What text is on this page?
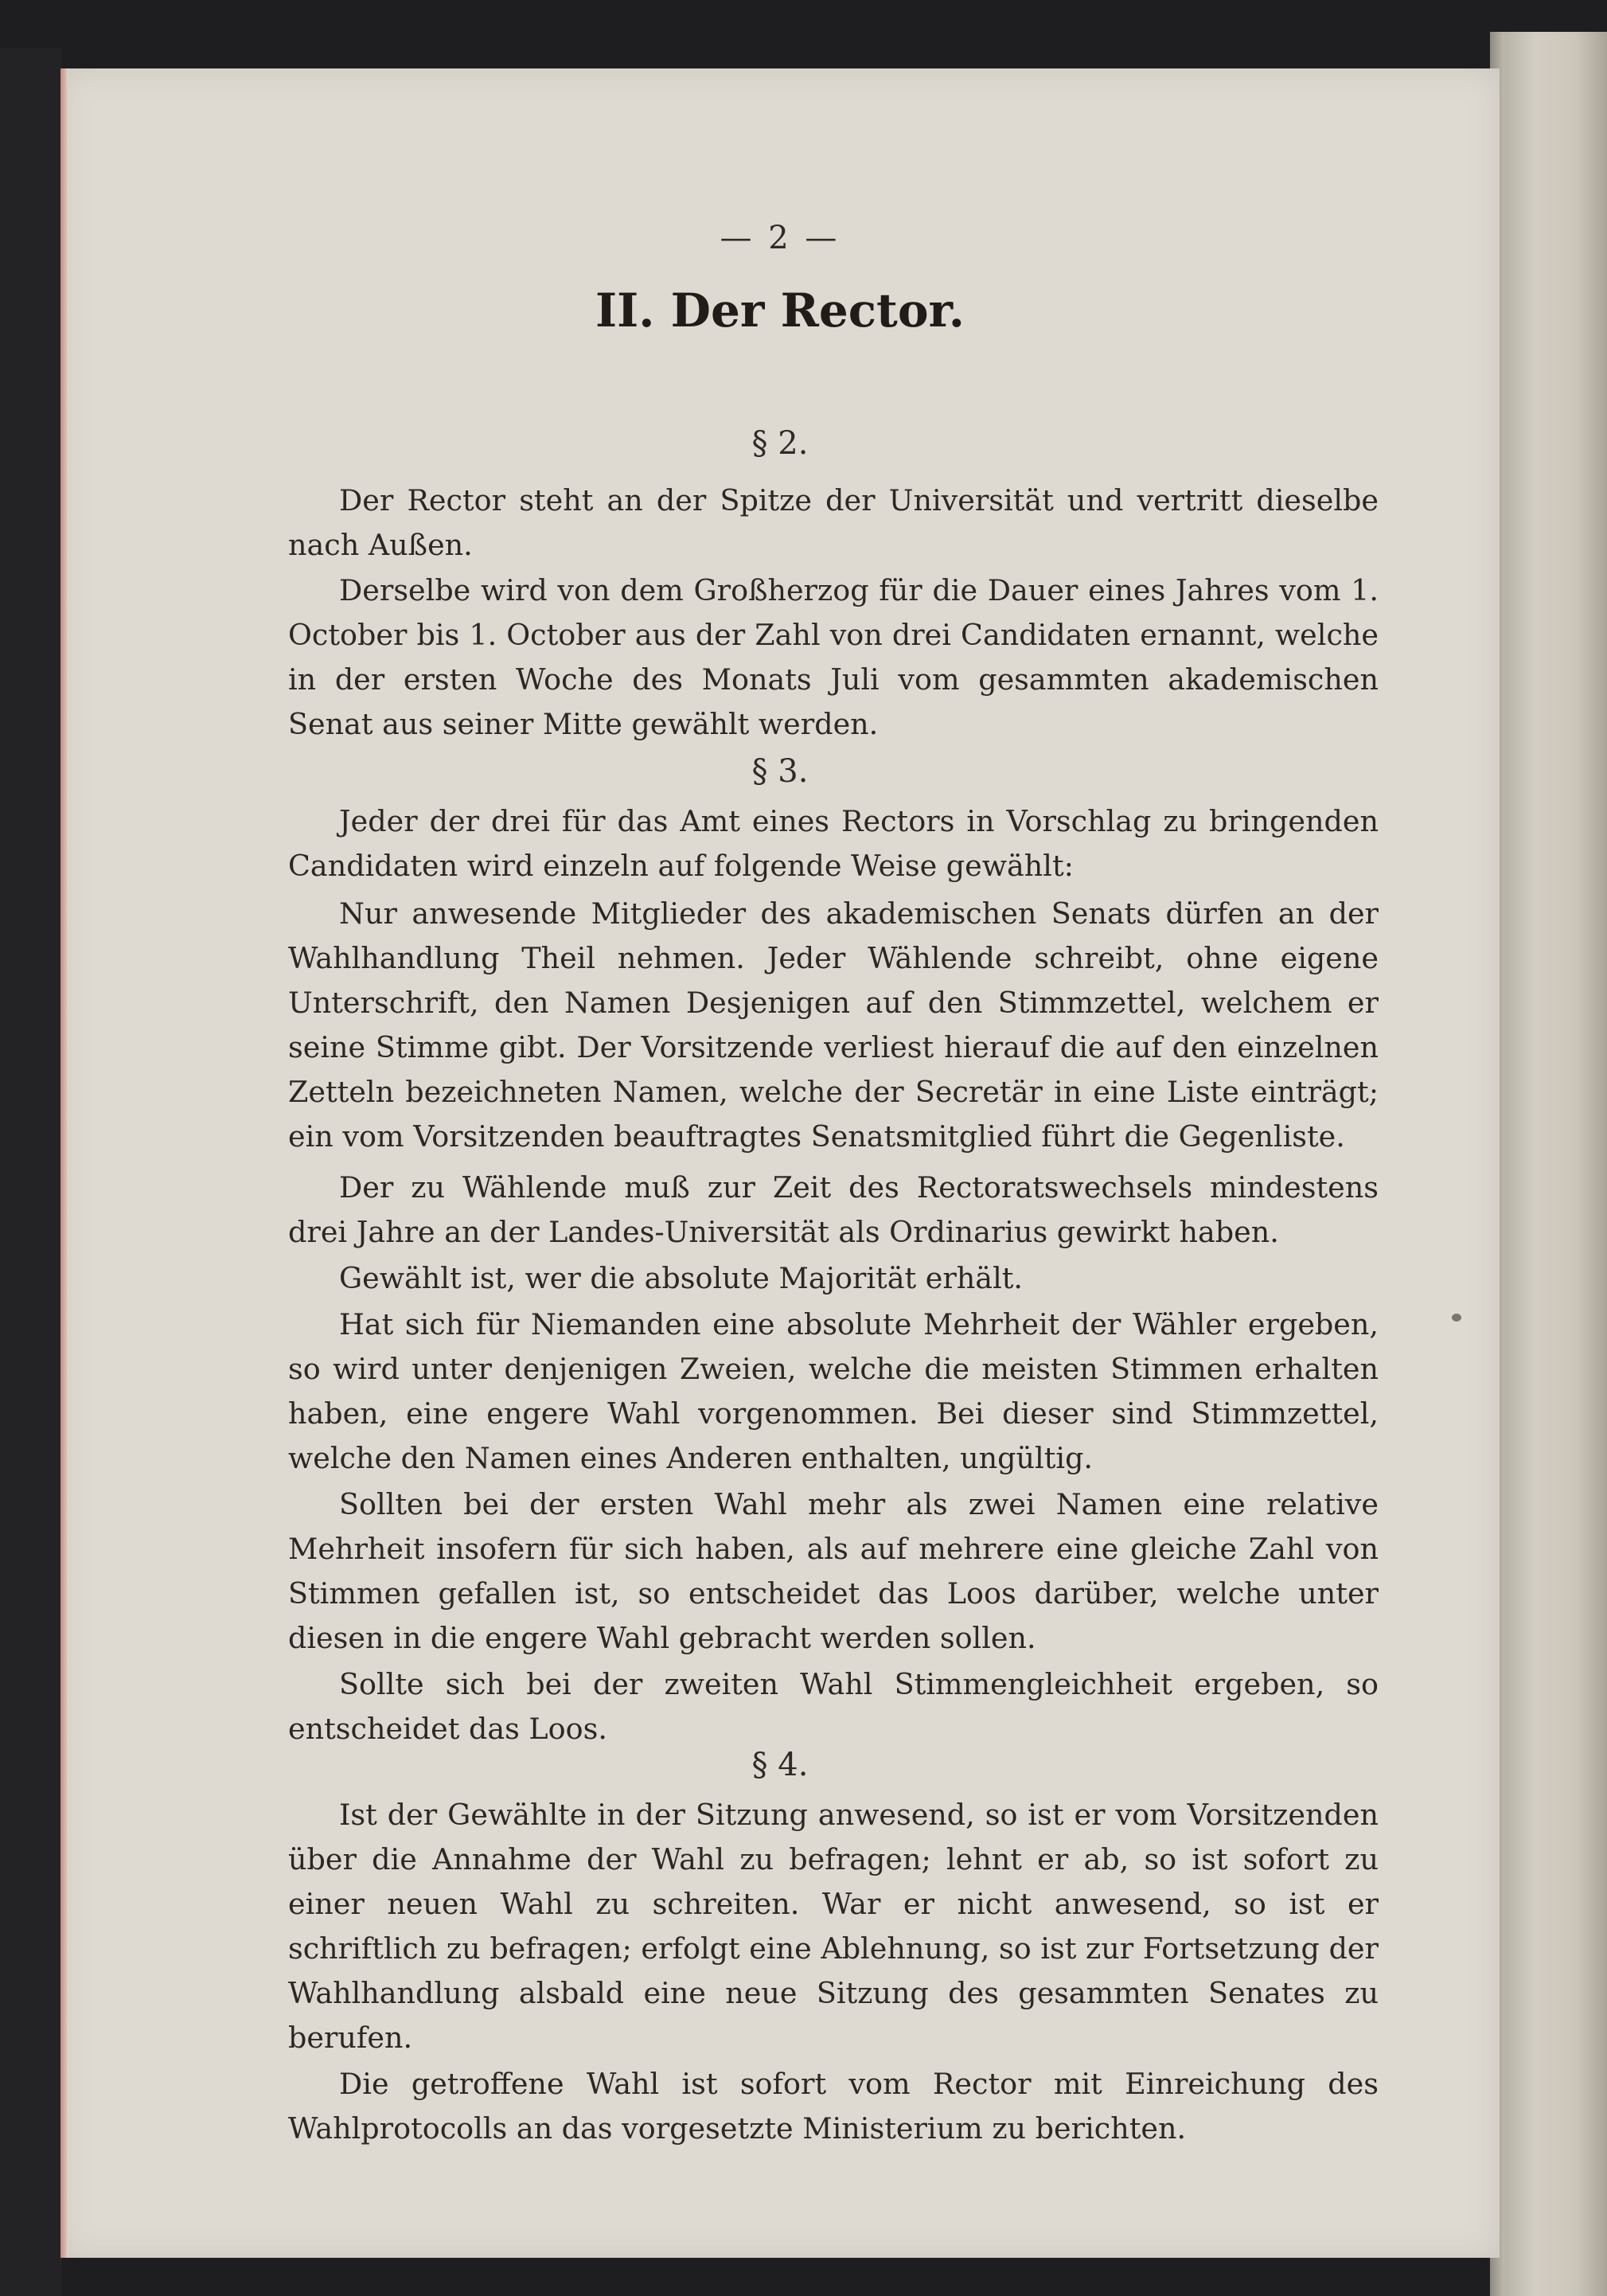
— 2 —
II. Der Rector.
§ 2.

Der Rector steht an der Spitze der Universität und vertritt dieselbe nach Außen.

Derselbe wird von dem Großherzog für die Dauer eines Jahres vom 1. October bis 1. October aus der Zahl von drei Candidaten ernannt, welche in der ersten Woche des Monats Juli vom gesammten akademischen Senat aus seiner Mitte gewählt werden.

§ 3.

Jeder der drei für das Amt eines Rectors in Vorschlag zu bringenden Candidaten wird einzeln auf folgende Weise gewählt:

Nur anwesende Mitglieder des akademischen Senats dürfen an der Wahlhandlung Theil nehmen. Jeder Wählende schreibt, ohne eigene Unterschrift, den Namen Desjenigen auf den Stimmzettel, welchem er seine Stimme gibt. Der Vorsitzende verliest hierauf die auf den einzelnen Zetteln bezeichneten Namen, welche der Secretär in eine Liste einträgt; ein vom Vorsitzenden beauftragtes Senatsmitglied führt die Gegenliste.

Der zu Wählende muß zur Zeit des Rectoratswechsels mindestens drei Jahre an der Landes-Universität als Ordinarius gewirkt haben.

Gewählt ist, wer die absolute Majorität erhält.

Hat sich für Niemanden eine absolute Mehrheit der Wähler ergeben, so wird unter denjenigen Zweien, welche die meisten Stimmen erhalten haben, eine engere Wahl vorgenommen. Bei dieser sind Stimmzettel, welche den Namen eines Anderen enthalten, ungültig.

Sollten bei der ersten Wahl mehr als zwei Namen eine relative Mehrheit insofern für sich haben, als auf mehrere eine gleiche Zahl von Stimmen gefallen ist, so entscheidet das Loos darüber, welche unter diesen in die engere Wahl gebracht werden sollen.

Sollte sich bei der zweiten Wahl Stimmengleichheit ergeben, so entscheidet das Loos.

§ 4.

Ist der Gewählte in der Sitzung anwesend, so ist er vom Vorsitzenden über die Annahme der Wahl zu befragen; lehnt er ab, so ist sofort zu einer neuen Wahl zu schreiten. War er nicht anwesend, so ist er schriftlich zu befragen; erfolgt eine Ablehnung, so ist zur Fortsetzung der Wahlhandlung alsbald eine neue Sitzung des gesammten Senates zu berufen.

Die getroffene Wahl ist sofort vom Rector mit Einreichung des Wahlprotocolls an das vorgesetzte Ministerium zu berichten.
